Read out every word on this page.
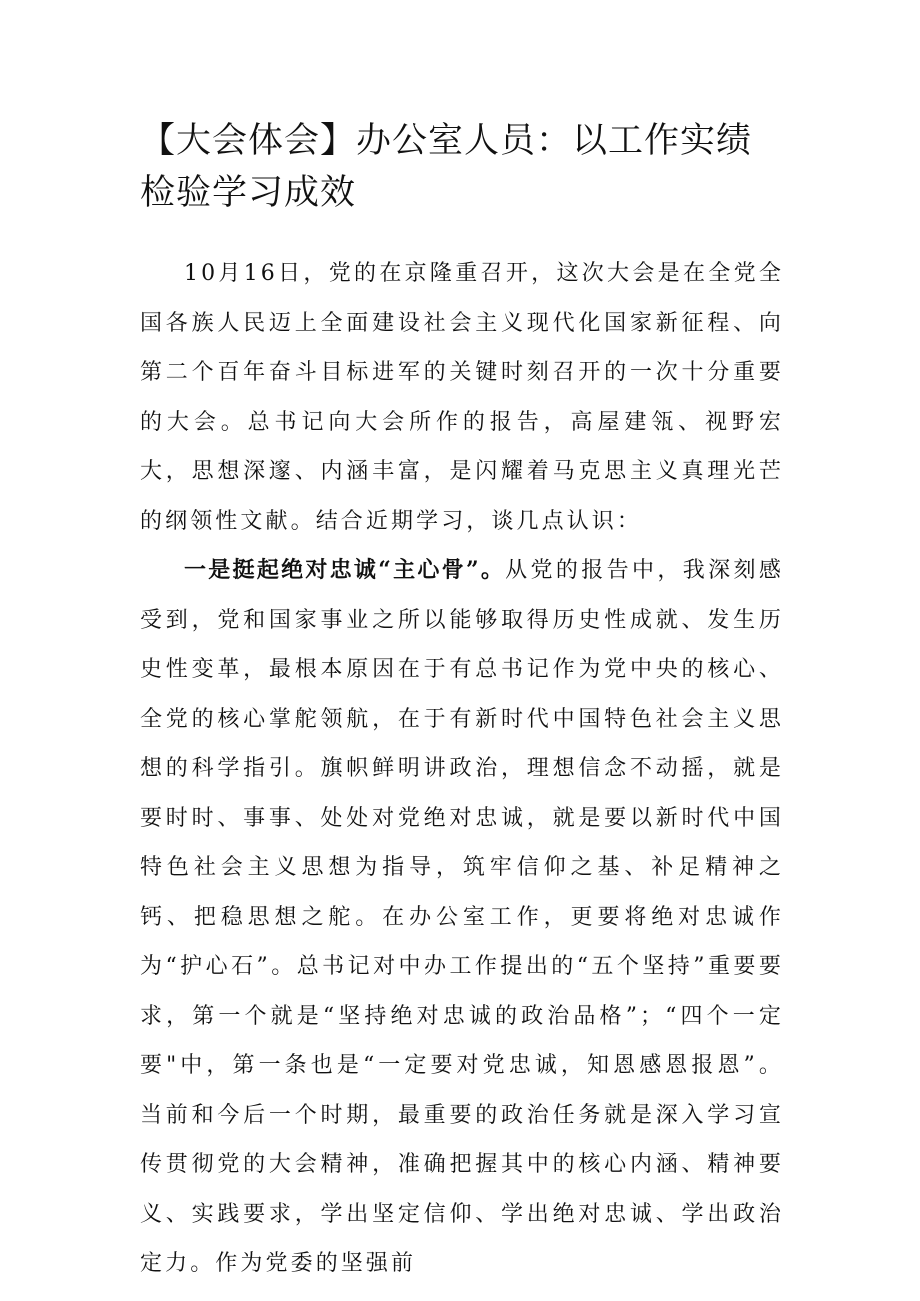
【大会体会】办公室人员：以工作实绩检验学习成效

10月16日，党的在京隆重召开，这次大会是在全党全国各族人民迈上全面建设社会主义现代化国家新征程、向第二个百年奋斗目标进军的关键时刻召开的一次十分重要的大会。总书记向大会所作的报告，高屋建瓴、视野宏大，思想深邃、内涵丰富，是闪耀着马克思主义真理光芒的纲领性文献。结合近期学习，谈几点认识：

一是挺起绝对忠诚“主心骨”。从党的报告中，我深刻感受到，党和国家事业之所以能够取得历史性成就、发生历史性变革，最根本原因在于有总书记作为党中央的核心、全党的核心掌舵领航，在于有新时代中国特色社会主义思想的科学指引。旗帜鲜明讲政治，理想信念不动摇，就是要时时、事事、处处对党绝对忠诚，就是要以新时代中国特色社会主义思想为指导，筑牢信仰之基、补足精神之钙、把稳思想之舵。在办公室工作，更要将绝对忠诚作为“护心石”。总书记对中办工作提出的“五个坚持”重要要求，第一个就是“坚持绝对忠诚的政治品格”；“四个一定要"中，第一条也是“一定要对党忠诚，知恩感恩报恩”。当前和今后一个时期，最重要的政治任务就是深入学习宣传贯彻党的大会精神，准确把握其中的核心内涵、精神要义、实践要求，学出坚定信仰、学出绝对忠诚、学出政治定力。作为党委的坚强前
